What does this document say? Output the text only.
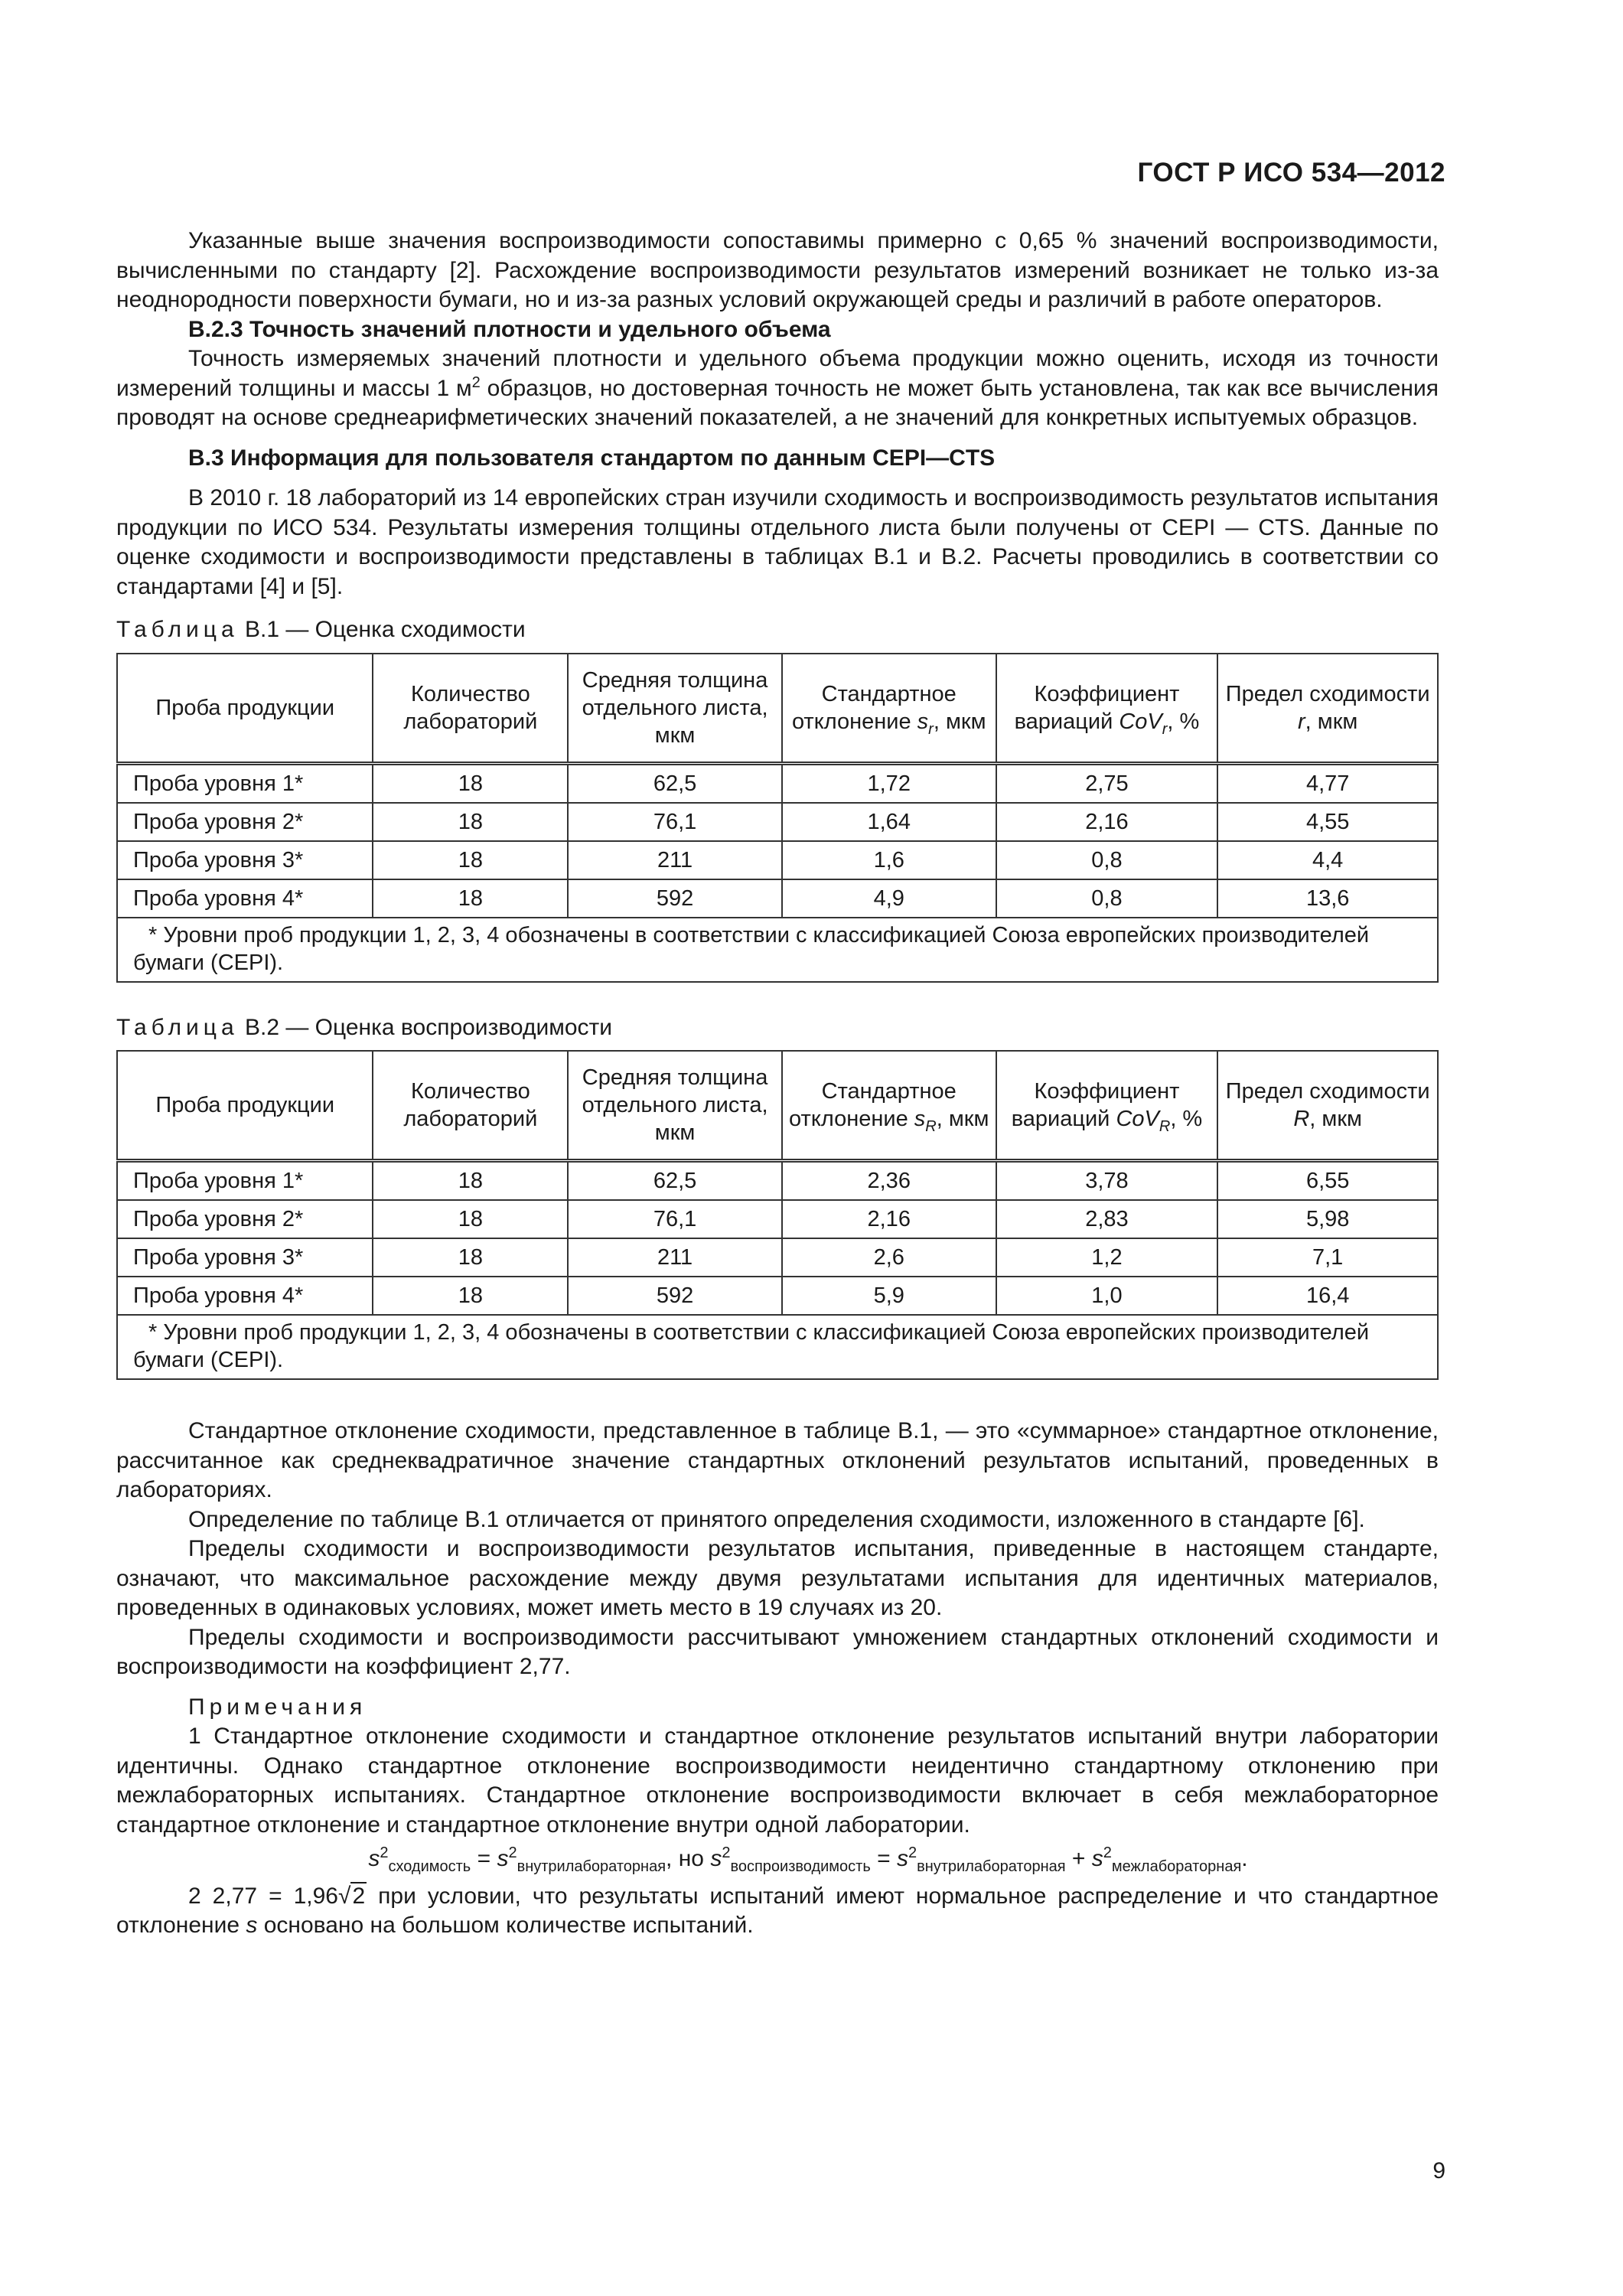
ГОСТ Р ИСО 534—2012

Указанные выше значения воспроизводимости сопоставимы примерно с 0,65 % значений воспроизводимости, вычисленными по стандарту [2]. Расхождение воспроизводимости результатов измерений возникает не только из-за неоднородности поверхности бумаги, но и из-за разных условий окружающей среды и различий в работе операторов.

В.2.3 Точность значений плотности и удельного объема

Точность измеряемых значений плотности и удельного объема продукции можно оценить, исходя из точности измерений толщины и массы 1 $м^2$ образцов, но достоверная точность не может быть установлена, так как все вычисления проводят на основе среднеарифметических значений показателей, а не значений для конкретных испытуемых образцов.

В.3 Информация для пользователя стандартом по данным CEPI—CTS

В 2010 г. 18 лабораторий из 14 европейских стран изучили сходимость и воспроизводимость результатов испытания продукции по ИСО 534. Результаты измерения толщины отдельного листа были получены от CEPI — CTS. Данные по оценке сходимости и воспроизводимости представлены в таблицах В.1 и В.2. Расчеты проводились в соответствии со стандартами [4] и [5].

Таблица В.1 — Оценка сходимости

Проба продукции	Количество лабораторий	Средняя толщина отдельного листа, мкм	Стандартное отклонение $s_r$, мкм	Коэффициент вариаций CoV$_r$, %	Предел сходимости r, мкм
Проба уровня 1*	18	62,5	1,72	2,75	4,77
Проба уровня 2*	18	76,1	1,64	2,16	4,55
Проба уровня 3*	18	211	1,6	0,8	4,4
Проба уровня 4*	18	592	4,9	0,8	13,6
* Уровни проб продукции 1, 2, 3, 4 обозначены в соответствии с классификацией Союза европейских производителей бумаги (CEPI).					

Таблица В.2 — Оценка воспроизводимости

Проба продукции	Количество лабораторий	Средняя толщина отдельного листа, мкм	Стандартное отклонение $s_R$, мкм	Коэффициент вариаций CoV$_R$, %	Предел сходимости R, мкм
Проба уровня 1*	18	62,5	2,36	3,78	6,55
Проба уровня 2*	18	76,1	2,16	2,83	5,98
Проба уровня 3*	18	211	2,6	1,2	7,1
Проба уровня 4*	18	592	5,9	1,0	16,4
* Уровни проб продукции 1, 2, 3, 4 обозначены в соответствии с классификацией Союза европейских производителей бумаги (CEPI).					

Стандартное отклонение сходимости, представленное в таблице В.1, — это «суммарное» стандартное отклонение, рассчитанное как среднеквадратичное значение стандартных отклонений результатов испытаний, проведенных в лабораториях.

Определение по таблице В.1 отличается от принятого определения сходимости, изложенного в стандарте [6].

Пределы сходимости и воспроизводимости результатов испытания, приведенные в настоящем стандарте, означают, что максимальное расхождение между двумя результатами испытания для идентичных материалов, проведенных в одинаковых условиях, может иметь место в 19 случаях из 20.

Пределы сходимости и воспроизводимости рассчитывают умножением стандартных отклонений сходимости и воспроизводимости на коэффициент 2,77.

Примечания

1 Стандартное отклонение сходимости и стандартное отклонение результатов испытаний внутри лаборатории идентичны. Однако стандартное отклонение воспроизводимости неидентично стандартному отклонению при межлабораторных испытаниях. Стандартное отклонение воспроизводимости включает в себя межлабораторное стандартное отклонение и стандартное отклонение внутри одной лаборатории.

$s^2_{сходимость} = s^2_{внутрилабораторная}$, но $s^2_{воспроизводимость} = s^2_{внутрилабораторная} + s^2_{межлабораторная}$.

2 2,77 = 1,96√2 при условии, что результаты испытаний имеют нормальное распределение и что стандартное отклонение s основано на большом количестве испытаний.

9
